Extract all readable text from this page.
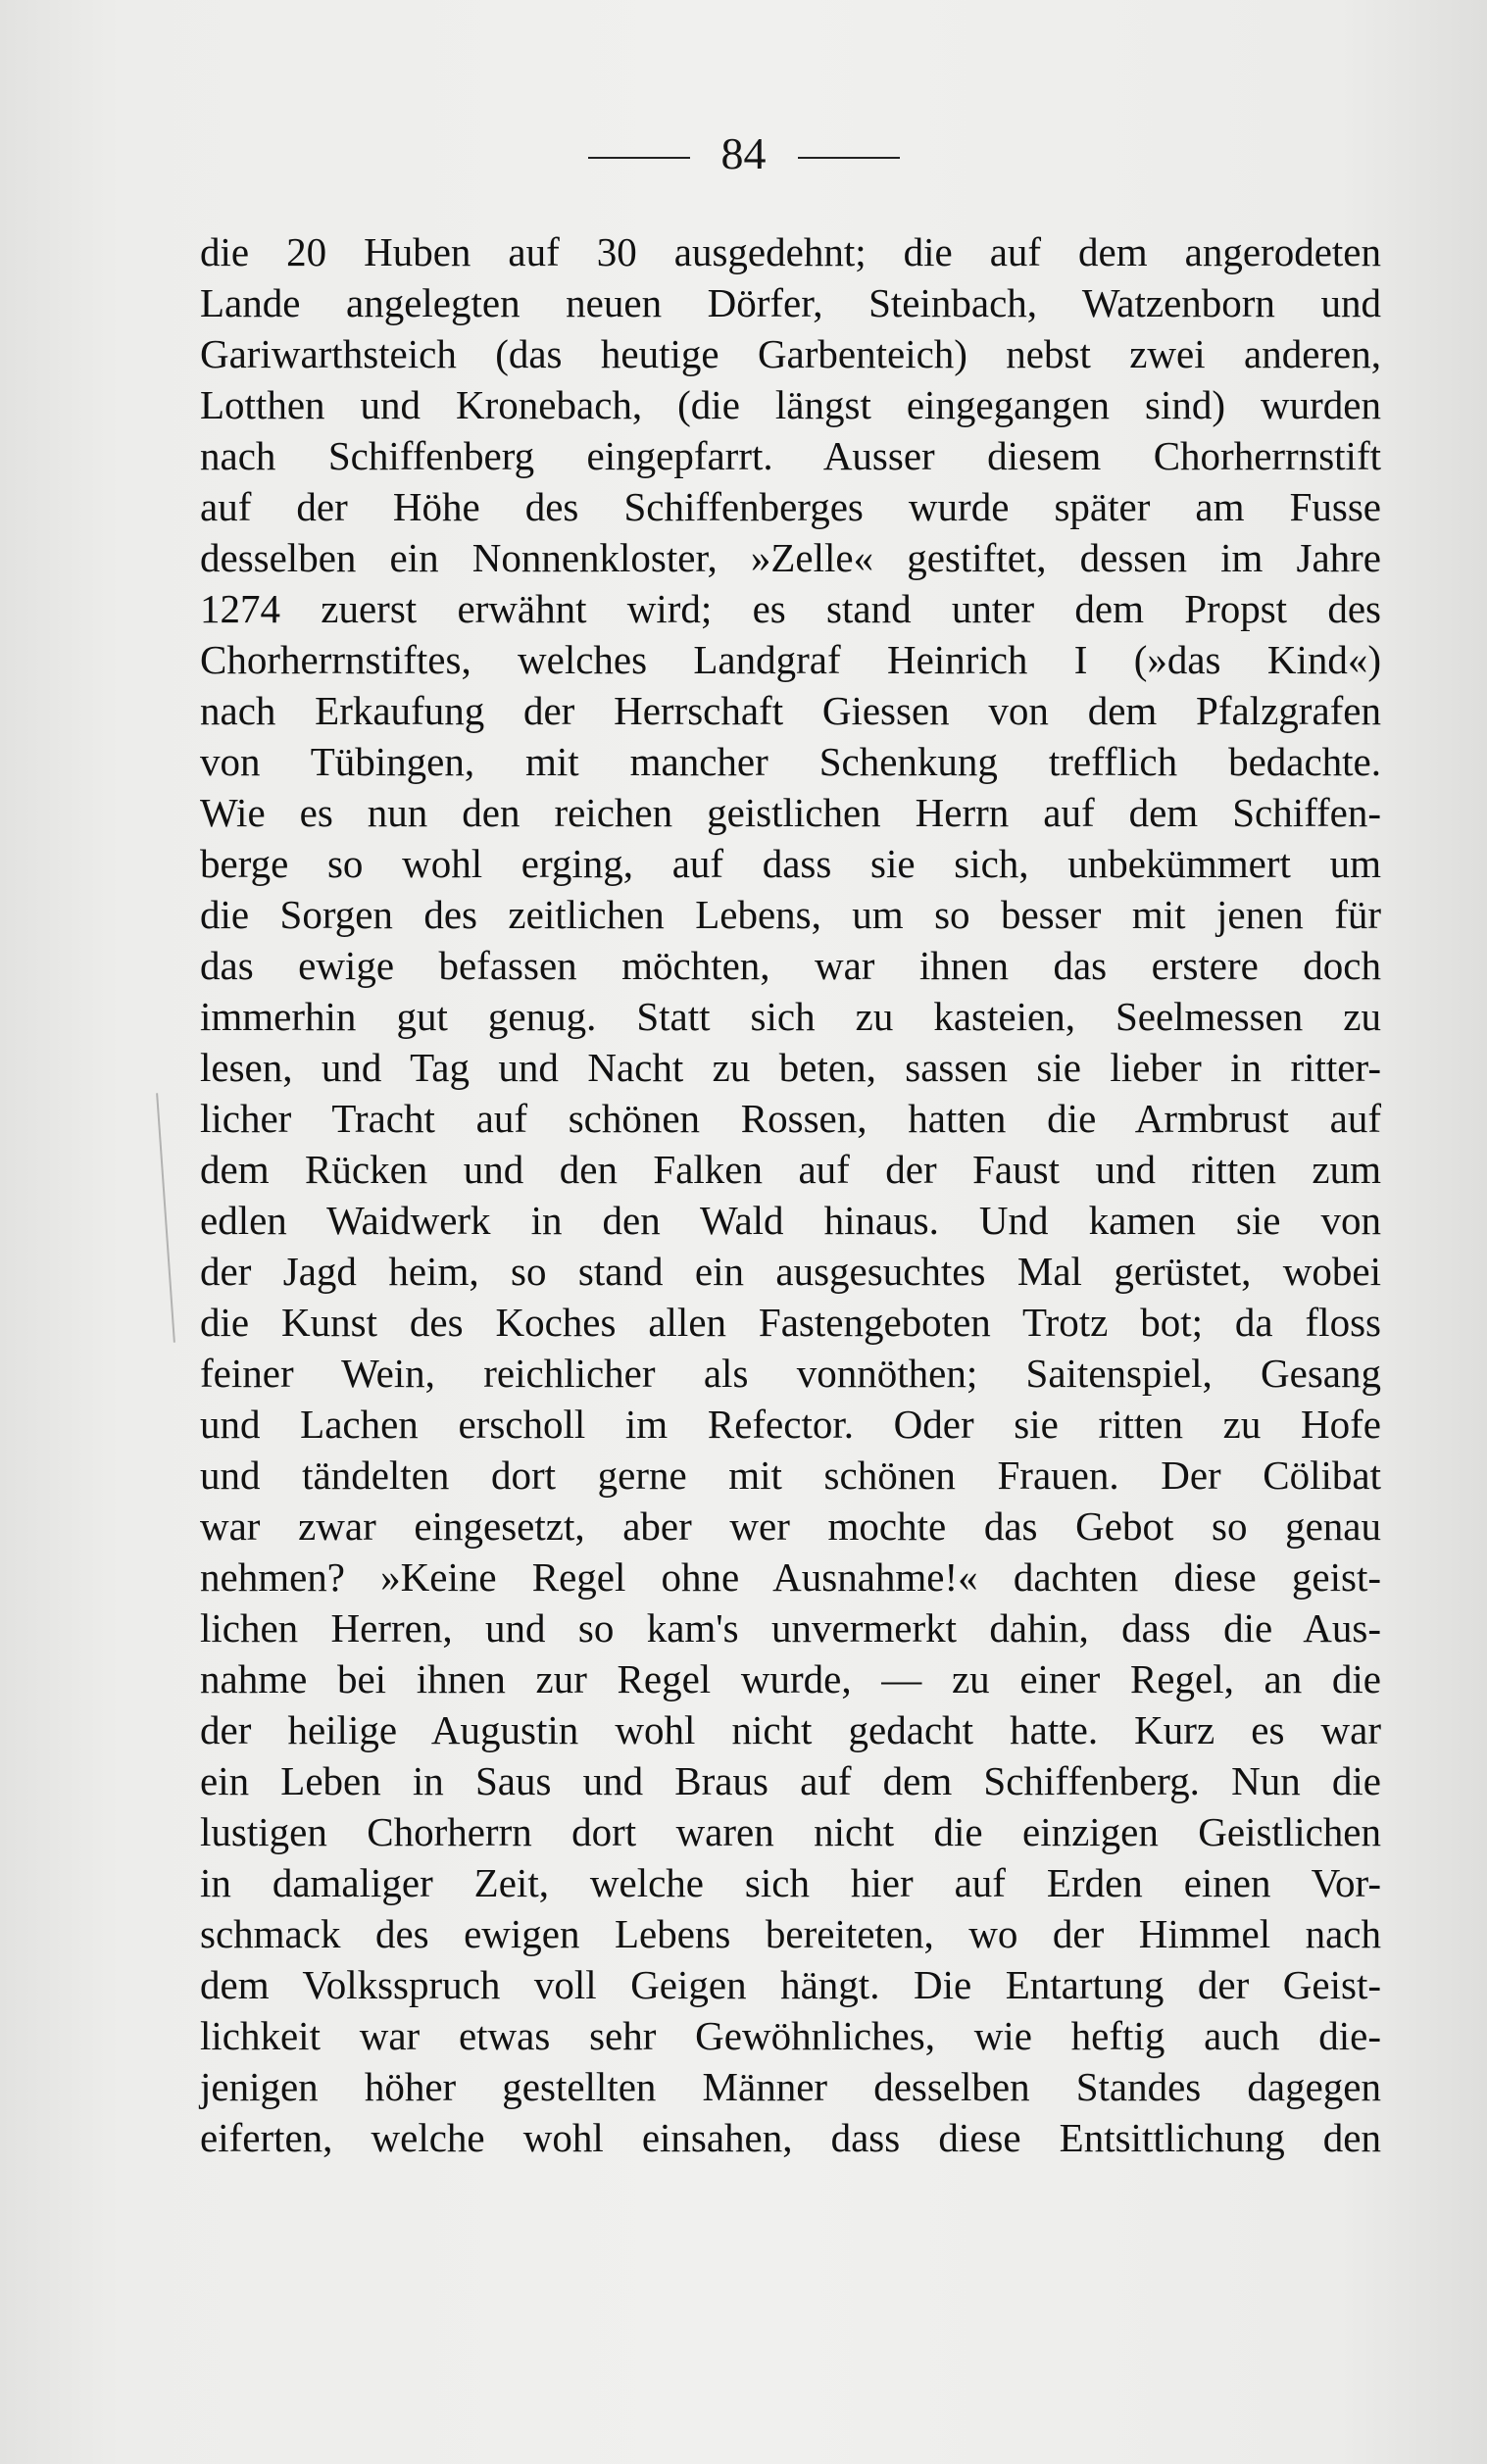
84
die 20 Huben auf 30 ausgedehnt; die auf dem angerodeten
Lande angelegten neuen Dörfer, Steinbach, Watzenborn und
Gariwarthsteich (das heutige Garbenteich) nebst zwei anderen,
Lotthen und Kronebach, (die längst eingegangen sind) wurden
nach Schiffenberg eingepfarrt. Ausser diesem Chorherrnstift
auf der Höhe des Schiffenberges wurde später am Fusse
desselben ein Nonnenkloster, »Zelle« gestiftet, dessen im Jahre
1274 zuerst erwähnt wird; es stand unter dem Propst des
Chorherrnstiftes, welches Landgraf Heinrich I (»das Kind«)
nach Erkaufung der Herrschaft Giessen von dem Pfalzgrafen
von Tübingen, mit mancher Schenkung trefflich bedachte.
Wie es nun den reichen geistlichen Herrn auf dem Schiffen-
berge so wohl erging, auf dass sie sich, unbekümmert um
die Sorgen des zeitlichen Lebens, um so besser mit jenen für
das ewige befassen möchten, war ihnen das erstere doch
immerhin gut genug. Statt sich zu kasteien, Seelmessen zu
lesen, und Tag und Nacht zu beten, sassen sie lieber in ritter-
licher Tracht auf schönen Rossen, hatten die Armbrust auf
dem Rücken und den Falken auf der Faust und ritten zum
edlen Waidwerk in den Wald hinaus. Und kamen sie von
der Jagd heim, so stand ein ausgesuchtes Mal gerüstet, wobei
die Kunst des Koches allen Fastengeboten Trotz bot; da floss
feiner Wein, reichlicher als vonnöthen; Saitenspiel, Gesang
und Lachen erscholl im Refector. Oder sie ritten zu Hofe
und tändelten dort gerne mit schönen Frauen. Der Cölibat
war zwar eingesetzt, aber wer mochte das Gebot so genau
nehmen? »Keine Regel ohne Ausnahme!« dachten diese geist-
lichen Herren, und so kam's unvermerkt dahin, dass die Aus-
nahme bei ihnen zur Regel wurde, — zu einer Regel, an die
der heilige Augustin wohl nicht gedacht hatte. Kurz es war
ein Leben in Saus und Braus auf dem Schiffenberg. Nun die
lustigen Chorherrn dort waren nicht die einzigen Geistlichen
in damaliger Zeit, welche sich hier auf Erden einen Vor-
schmack des ewigen Lebens bereiteten, wo der Himmel nach
dem Volksspruch voll Geigen hängt. Die Entartung der Geist-
lichkeit war etwas sehr Gewöhnliches, wie heftig auch die-
jenigen höher gestellten Männer desselben Standes dagegen
eiferten, welche wohl einsahen, dass diese Entsittlichung den
